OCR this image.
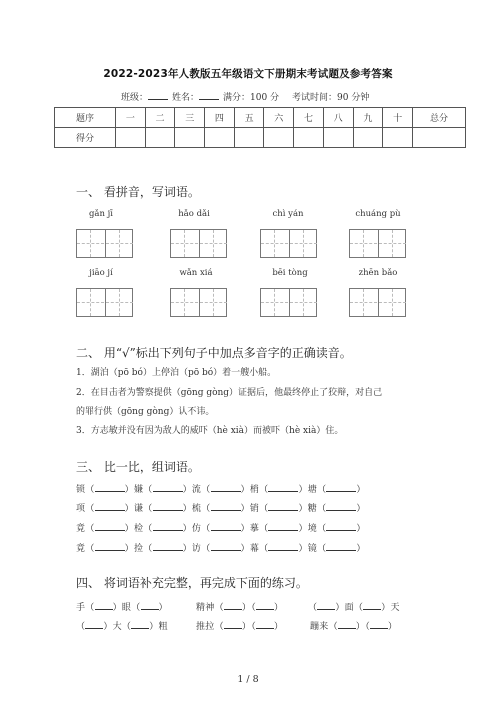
2022-2023年人教版五年级语文下册期末考试题及参考答案
班级：	姓名：	满分：100 分 考试时间：90 分钟
题序	一	二	三	四	五	六	七	八	九	十	总分
得分											
一、 看拼音，写词语。
gǎn jī	hǎo dǎi	chì yán	chuáng pù
jiāo jí	wǎn xiá	bēi tòng	zhēn bǎo
二、 用“√”标出下列句子中加点多音字的正确读音。
1．湖泊（pō bó）上停泊（pō bó）着一艘小船。
2．在目击者为警察提供（gōng gòng）证据后，他最终停止了狡辩，对自己
的罪行供（gōng gòng）认不讳。
3．方志敏并没有因为敌人的威吓（hè xià）而被吓（hè xià）住。
三、 比一比，组词语。
锁（	）嫌（	）流（	）梢（	）塘（	）
项（	）谦（	）梳（	）销（	）糖（	）
竟（	）检（	）仿（	）摹（	）境（	）
竟（	）捡（	）访（	）幕（	）镜（	）
四、 将词语补充完整，再完成下面的练习。
手（ ）眼（ ）	精神（ ）（ ）	（ ）面（ ）天
（ ）大（ ）粗	推拉（ ）（ ）	蹦来（ ）（ ）
1 / 8
